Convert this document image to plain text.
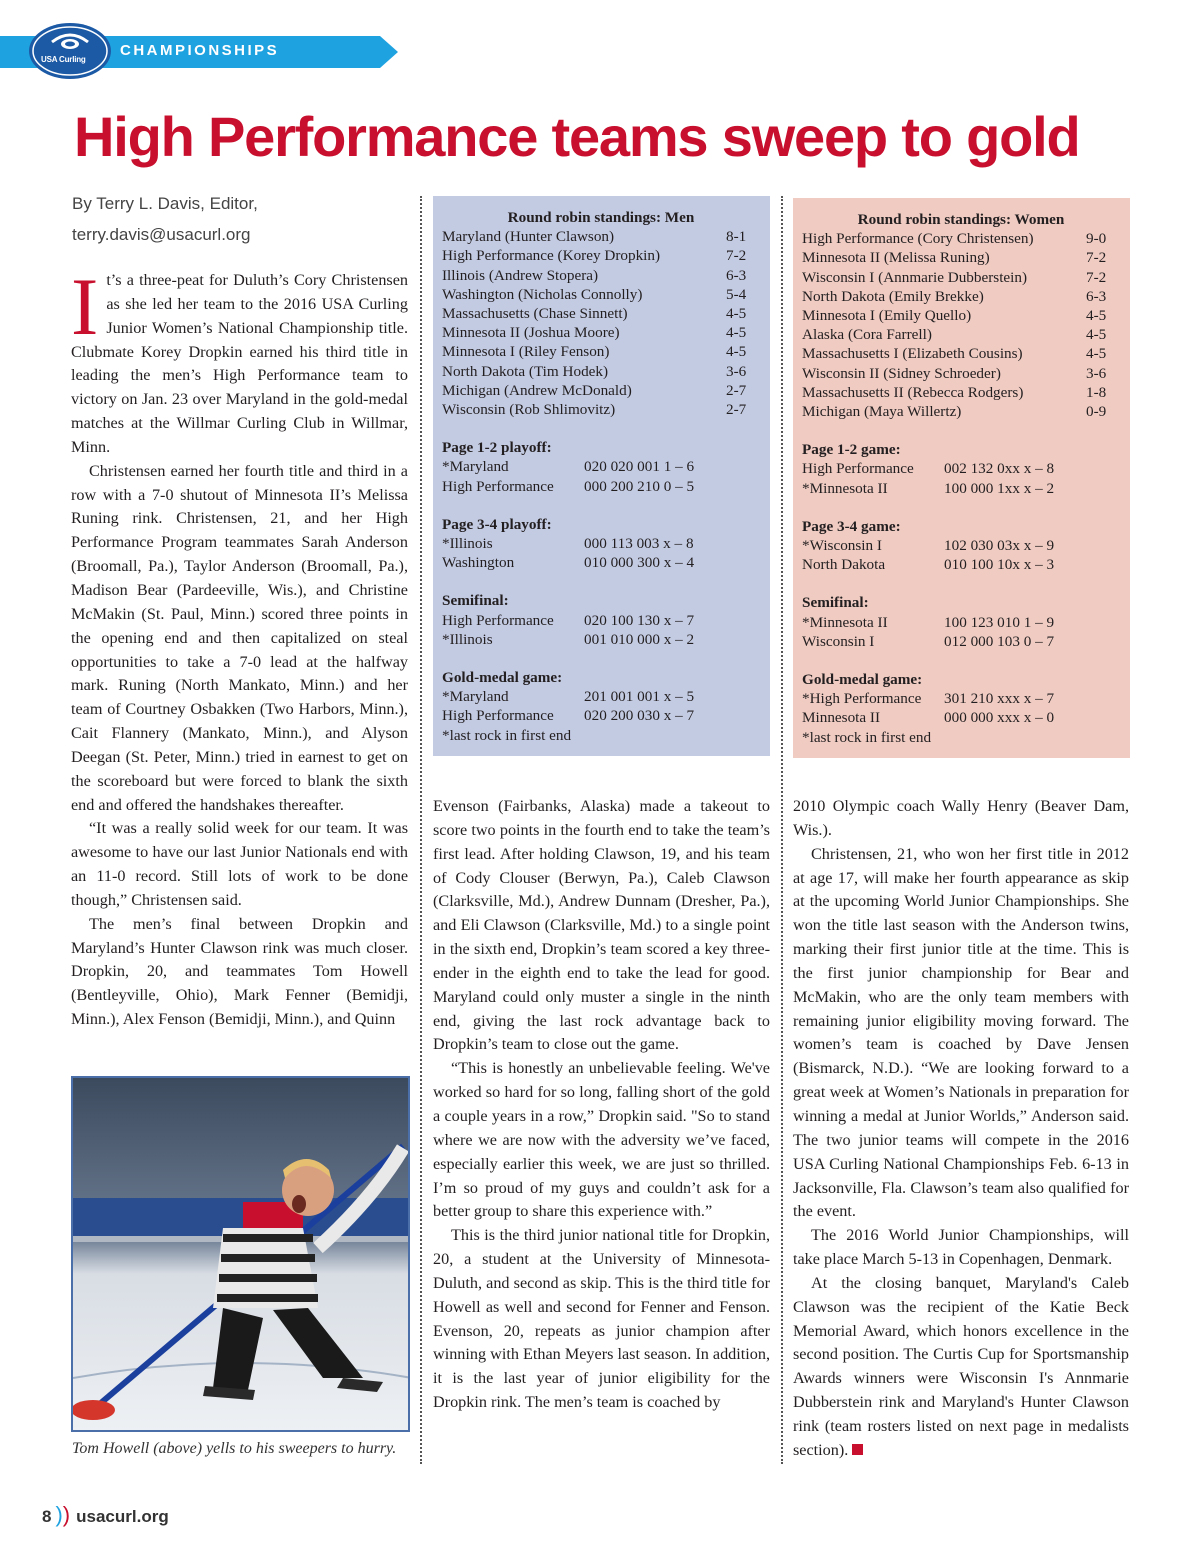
CHAMPIONSHIPS
USA Curling
High Performance teams sweep to gold
By Terry L. Davis, Editor,
terry.davis@usacurl.org

It’s a three-peat for Duluth’s Cory Christensen as she led her team to the 2016 USA Curling Junior Women’s National Championship title. Clubmate Korey Dropkin earned his third title in leading the men’s High Performance team to victory on Jan. 23 over Maryland in the gold-medal matches at the Willmar Curling Club in Willmar, Minn.

Christensen earned her fourth title and third in a row with a 7-0 shutout of Minnesota II’s Melissa Runing rink. Christensen, 21, and her High Performance Program teammates Sarah Anderson (Broomall, Pa.), Taylor Anderson (Broomall, Pa.), Madison Bear (Pardeeville, Wis.), and Christine McMakin (St. Paul, Minn.) scored three points in the opening end and then capitalized on steal opportunities to take a 7-0 lead at the halfway mark. Runing (North Mankato, Minn.) and her team of Courtney Osbakken (Two Harbors, Minn.), Cait Flannery (Mankato, Minn.), and Alyson Deegan (St. Peter, Minn.) tried in earnest to get on the scoreboard but were forced to blank the sixth end and offered the handshakes thereafter.

“It was a really solid week for our team. It was awesome to have our last Junior Nationals end with an 11-0 record. Still lots of work to be done though,” Christensen said.

The men’s final between Dropkin and Maryland’s Hunter Clawson rink was much closer. Dropkin, 20, and teammates Tom Howell (Bentleyville, Ohio), Mark Fenner (Bemidji, Minn.), Alex Fenson (Bemidji, Minn.), and Quinn

Tom Howell (above) yells to his sweepers to hurry.
Round robin standings: Men
Maryland (Hunter Clawson)	8-1
High Performance (Korey Dropkin)	7-2
Illinois (Andrew Stopera)	6-3
Washington (Nicholas Connolly)	5-4
Massachusetts (Chase Sinnett)	4-5
Minnesota II (Joshua Moore)	4-5
Minnesota I (Riley Fenson)	4-5
North Dakota (Tim Hodek)	3-6
Michigan (Andrew McDonald)	2-7
Wisconsin (Rob Shlimovitz)	2-7
Page 1-2 playoff:
*Maryland	020 020 001 1 – 6
High Performance	000 200 210 0 – 5
Page 3-4 playoff:
*Illinois	000 113 003 x – 8
Washington	010 000 300 x – 4
Semifinal:
High Performance	020 100 130 x – 7
*Illinois	001 010 000 x – 2
Gold-medal game:
*Maryland	201 001 001 x – 5
High Performance	020 200 030 x – 7
*last rock in first end
Round robin standings: Women
High Performance (Cory Christensen)	9-0
Minnesota II (Melissa Runing)	7-2
Wisconsin I (Annmarie Dubberstein)	7-2
North Dakota (Emily Brekke)	6-3
Minnesota I (Emily Quello)	4-5
Alaska (Cora Farrell)	4-5
Massachusetts I (Elizabeth Cousins)	4-5
Wisconsin II (Sidney Schroeder)	3-6
Massachusetts II (Rebecca Rodgers)	1-8
Michigan (Maya Willertz)	0-9
Page 1-2 game:
High Performance	002 132 0xx x – 8
*Minnesota II	100 000 1xx x – 2
Page 3-4 game:
*Wisconsin I	102 030 03x x – 9
North Dakota	010 100 10x x – 3
Semifinal:
*Minnesota II	100 123 010 1 – 9
Wisconsin I	012 000 103 0 – 7
Gold-medal game:
*High Performance	301 210 xxx x – 7
Minnesota II	000 000 xxx x – 0
*last rock in first end

Evenson (Fairbanks, Alaska) made a takeout to score two points in the fourth end to take the team’s first lead. After holding Clawson, 19, and his team of Cody Clouser (Berwyn, Pa.), Caleb Clawson (Clarksville, Md.), Andrew Dunnam (Dresher, Pa.), and Eli Clawson (Clarksville, Md.) to a single point in the sixth end, Dropkin’s team scored a key three-ender in the eighth end to take the lead for good. Maryland could only muster a single in the ninth end, giving the last rock advantage back to Dropkin’s team to close out the game.

“This is honestly an unbelievable feeling. We've worked so hard for so long, falling short of the gold a couple years in a row,” Dropkin said. "So to stand where we are now with the adversity we’ve faced, especially earlier this week, we are just so thrilled. I’m so proud of my guys and couldn’t ask for a better group to share this experience with.”

This is the third junior national title for Dropkin, 20, a student at the University of Minnesota-Duluth, and second as skip. This is the third title for Howell as well and second for Fenner and Fenson. Evenson, 20, repeats as junior champion after winning with Ethan Meyers last season. In addition, it is the last year of junior eligibility for the Dropkin rink. The men’s team is coached by

2010 Olympic coach Wally Henry (Beaver Dam, Wis.).

Christensen, 21, who won her first title in 2012 at age 17, will make her fourth appearance as skip at the upcoming World Junior Championships. She won the title last season with the Anderson twins, marking their first junior title at the time. This is the first junior championship for Bear and McMakin, who are the only team members with remaining junior eligibility moving forward. The women’s team is coached by Dave Jensen (Bismarck, N.D.). “We are looking forward to a great week at Women’s Nationals in preparation for winning a medal at Junior Worlds,” Anderson said. The two junior teams will compete in the 2016 USA Curling National Championships Feb. 6-13 in Jacksonville, Fla. Clawson’s team also qualified for the event.

The 2016 World Junior Championships, will take place March 5-13 in Copenhagen, Denmark.

At the closing banquet, Maryland's Caleb Clawson was the recipient of the Katie Beck Memorial Award, which honors excellence in the second position. The Curtis Cup for Sportsmanship Awards winners were Wisconsin I's Annmarie Dubberstein rink and Maryland's Hunter Clawson rink (team rosters listed on next page in medalists section).

8 )) usacurl.org
